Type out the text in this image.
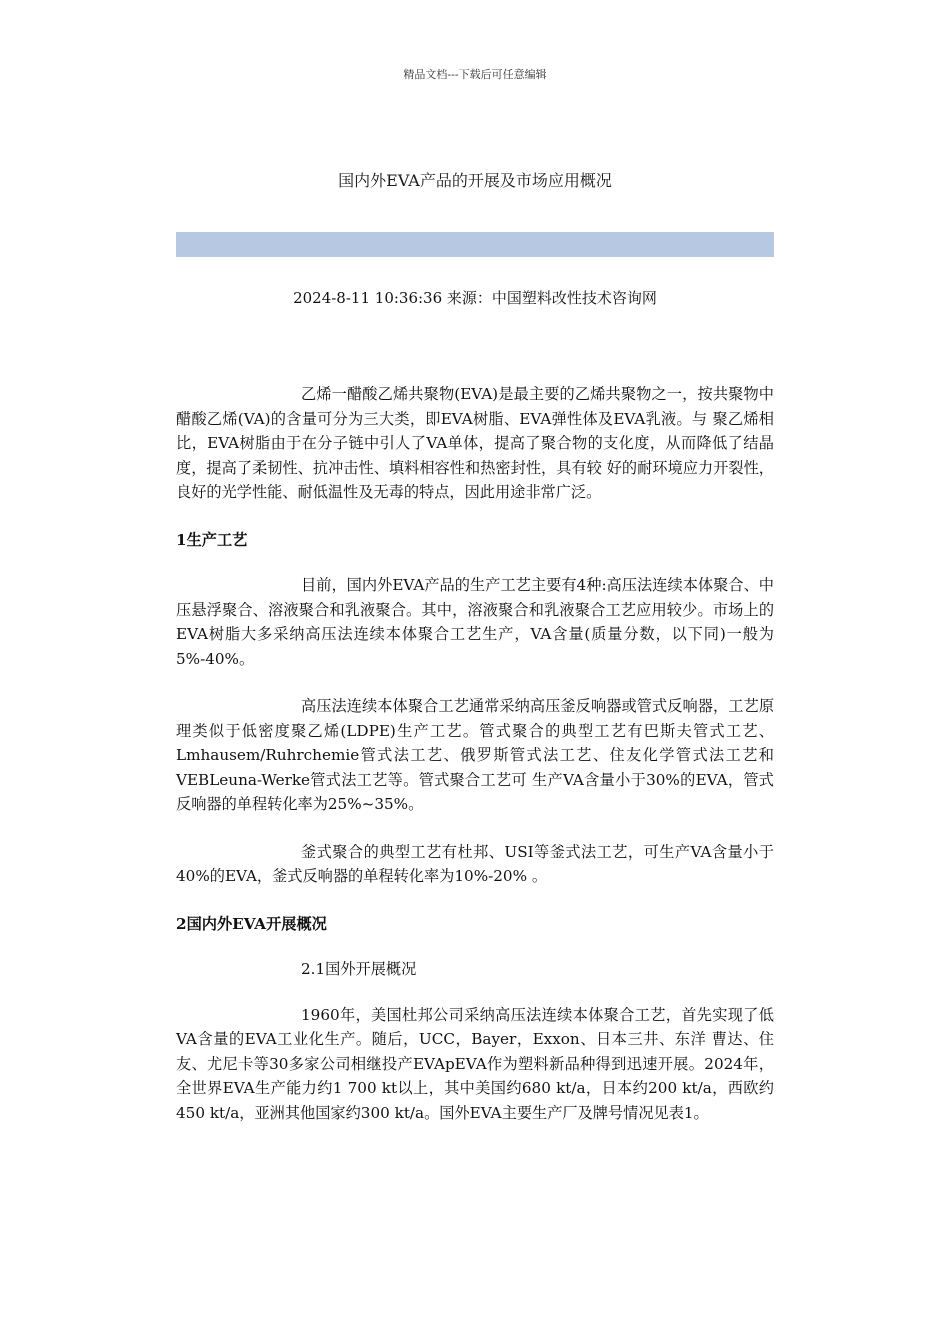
精品文档---下载后可任意编辑
国内外EVA产品的开展及市场应用概况
2024-8-11 10:36:36 来源：中国塑料改性技术咨询网

乙烯一醋酸乙烯共聚物(EVA)是最主要的乙烯共聚物之一，按共聚物中醋酸乙烯(VA)的含量可分为三大类，即EVA树脂、EVA弹性体及EVA乳液。与 聚乙烯相比，EVA树脂由于在分子链中引人了VA单体，提高了聚合物的支化度，从而降低了结晶度，提高了柔韧性、抗冲击性、填料相容性和热密封性，具有较 好的耐环境应力开裂性，良好的光学性能、耐低温性及无毒的特点，因此用途非常广泛。

1生产工艺

目前，国内外EVA产品的生产工艺主要有4种:高压法连续本体聚合、中压悬浮聚合、溶液聚合和乳液聚合。其中，溶液聚合和乳液聚合工艺应用较少。市场上的EVA树脂大多采纳高压法连续本体聚合工艺生产，VA含量(质量分数，以下同)一般为5%-40%。

高压法连续本体聚合工艺通常采纳高压釜反响器或管式反响器，工艺原理类似于低密度聚乙烯(LDPE)生产工艺。管式聚合的典型工艺有巴斯夫管式工艺、 Lmhausem/Ruhrchemie管式法工艺、俄罗斯管式法工艺、住友化学管式法工艺和VEBLeuna-Werke管式法工艺等。管式聚合工艺可 生产VA含量小于30%的EVA，管式反响器的单程转化率为25%~35%。

釜式聚合的典型工艺有杜邦、USI等釜式法工艺，可生产VA含量小于40%的EVA，釜式反响器的单程转化率为10%-20% 。

2国内外EVA开展概况
2.1国外开展概况

1960年，美国杜邦公司采纳高压法连续本体聚合工艺，首先实现了低VA含量的EVA工业化生产。随后，UCC，Bayer，Exxon、日本三井、东洋 曹达、住友、尤尼卡等30多家公司相继投产EVApEVA作为塑料新品种得到迅速开展。2024年，全世界EVA生产能力约1 700 kt以上，其中美国约680 kt/a，日本约200 kt/a，西欧约450 kt/a，亚洲其他国家约300 kt/a。国外EVA主要生产厂及牌号情况见表1。
